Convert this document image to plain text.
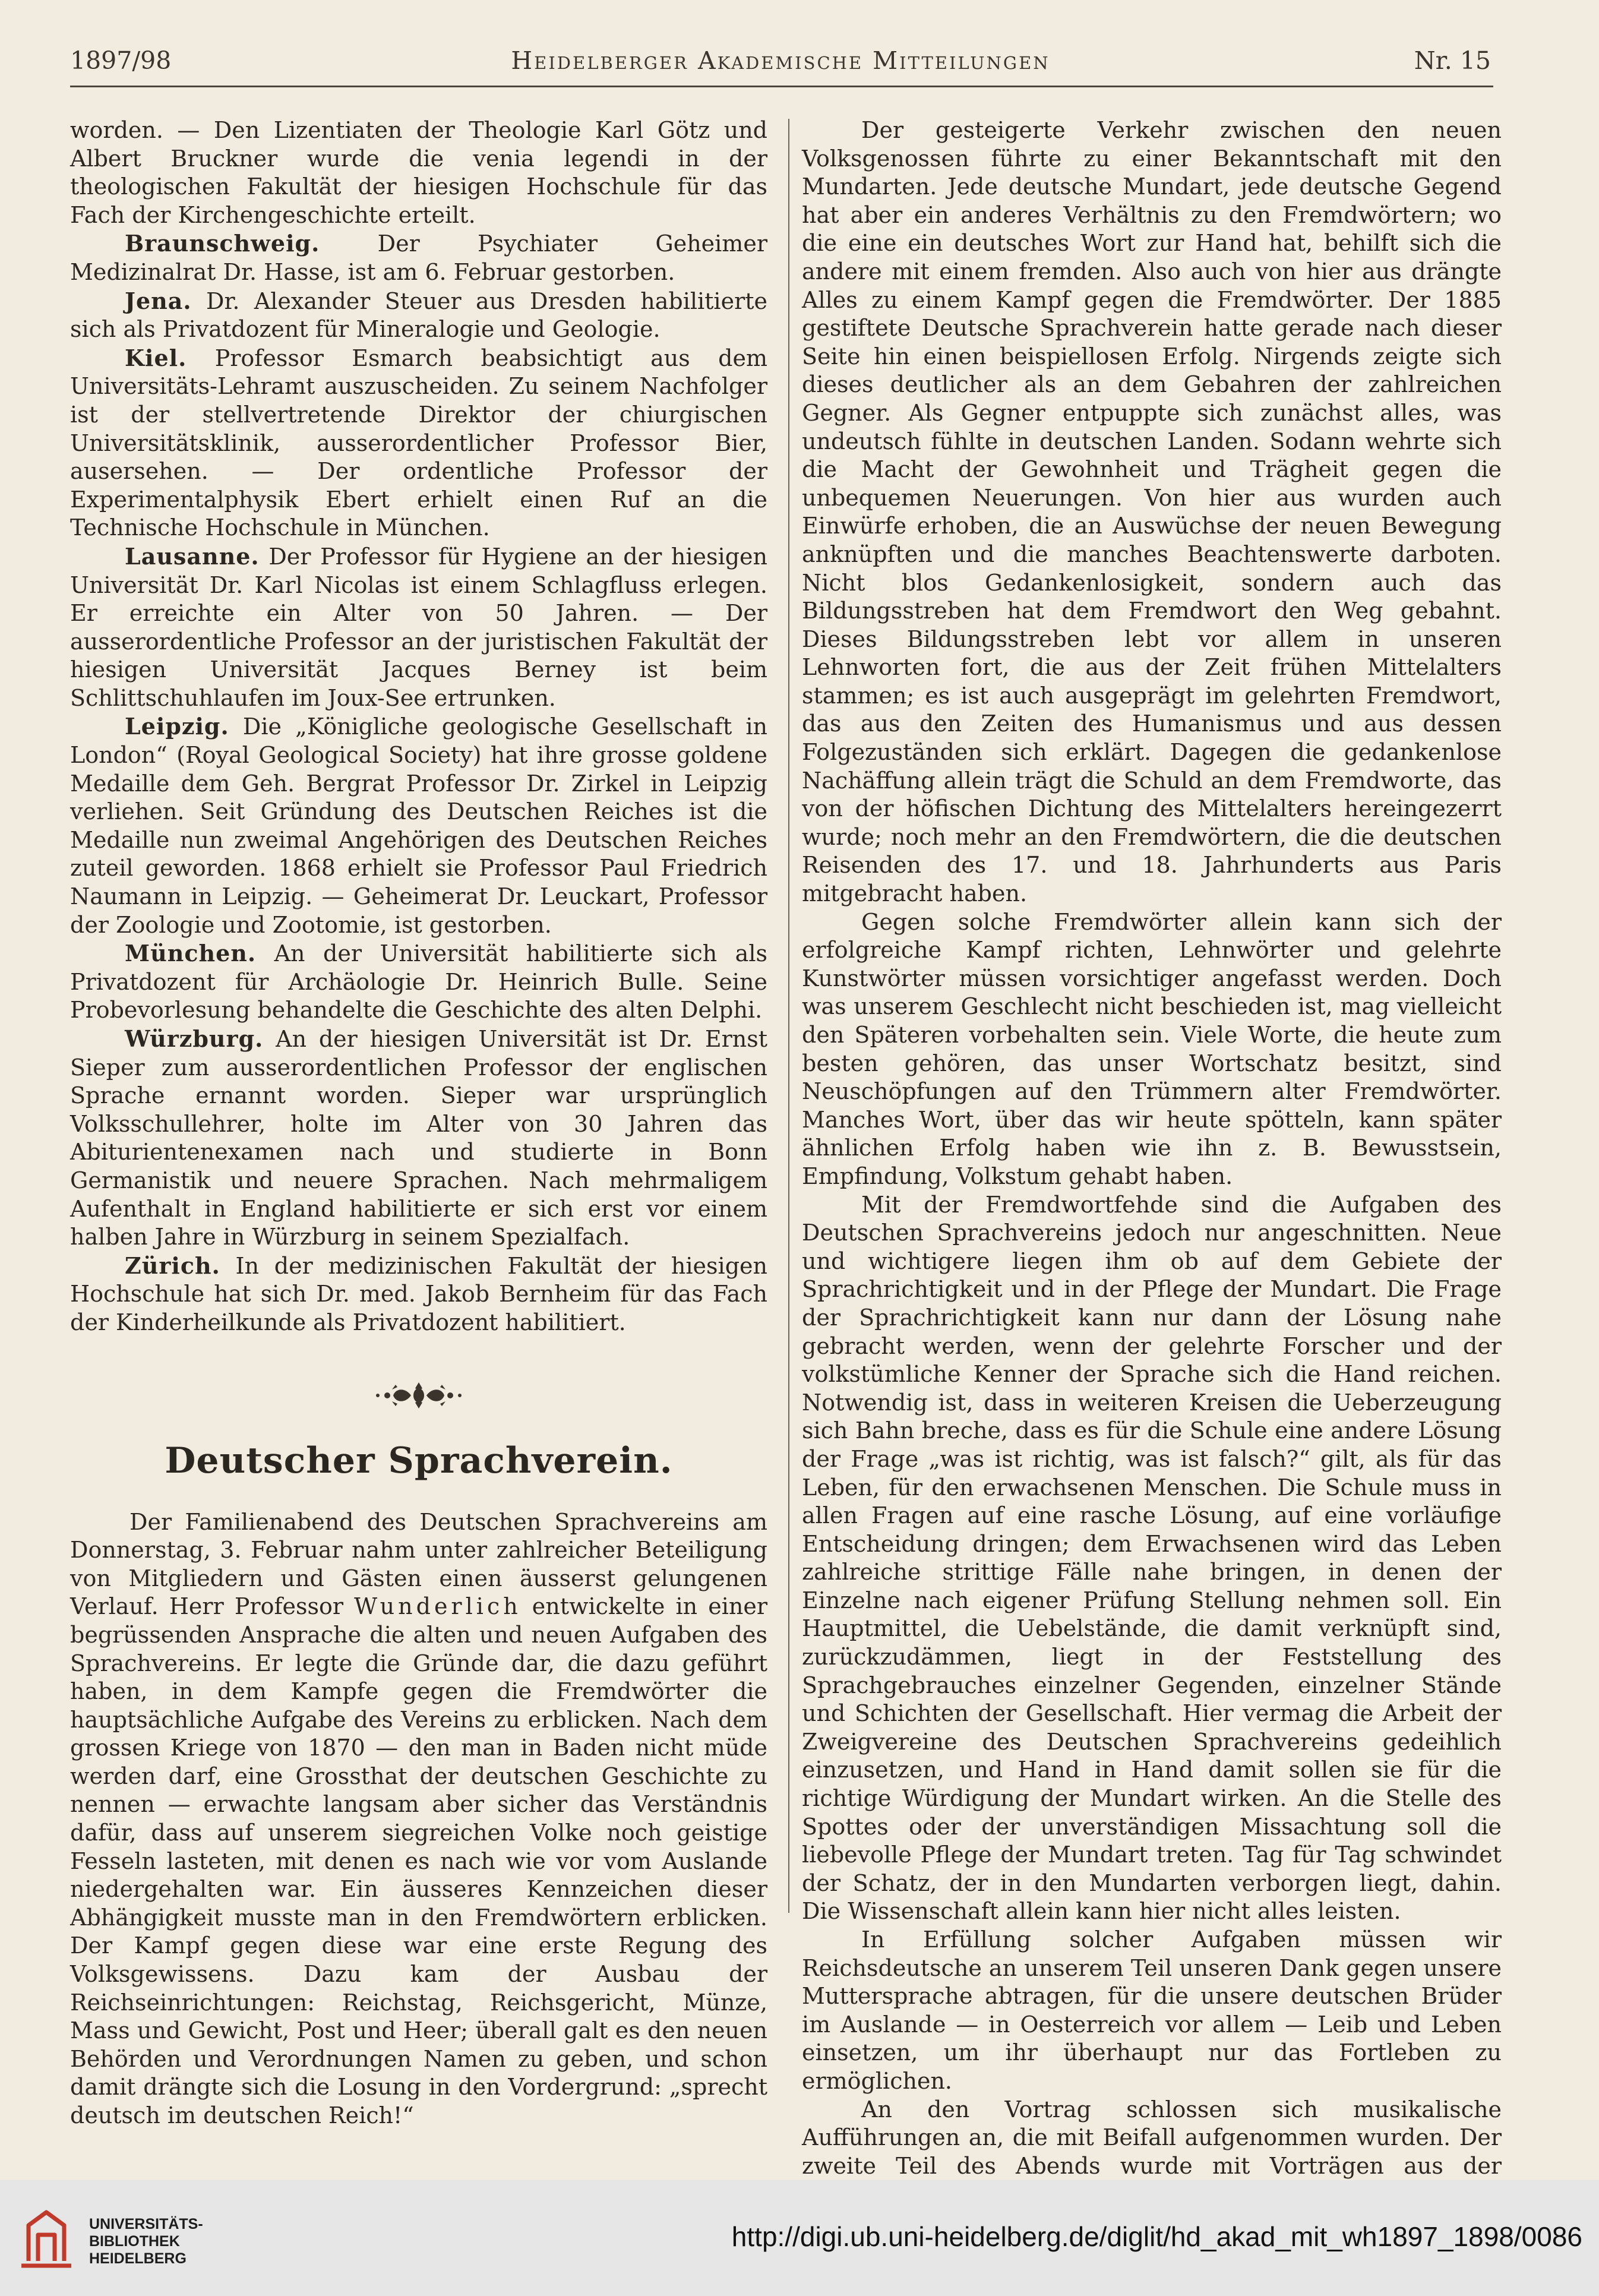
1897/98	Heidelberger Akademische Mitteilungen	Nr. 15

worden. — Den Lizentiaten der Theologie Karl Götz und Albert Bruckner wurde die venia legendi in der theologischen Fakultät der hiesigen Hochschule für das Fach der Kirchengeschichte erteilt.

Braunschweig. Der Psychiater Geheimer Medizinalrat Dr. Hasse, ist am 6. Februar gestorben.

Jena. Dr. Alexander Steuer aus Dresden habilitierte sich als Privatdozent für Mineralogie und Geologie.

Kiel. Professor Esmarch beabsichtigt aus dem Universitäts-Lehramt auszuscheiden. Zu seinem Nachfolger ist der stellvertretende Direktor der chiurgischen Universitätsklinik, ausserordentlicher Professor Bier, ausersehen. — Der ordentliche Professor der Experimentalphysik Ebert erhielt einen Ruf an die Technische Hochschule in München.

Lausanne. Der Professor für Hygiene an der hiesigen Universität Dr. Karl Nicolas ist einem Schlagfluss erlegen. Er erreichte ein Alter von 50 Jahren. — Der ausserordentliche Professor an der juristischen Fakultät der hiesigen Universität Jacques Berney ist beim Schlittschuhlaufen im Joux-See ertrunken.

Leipzig. Die „Königliche geologische Gesellschaft in London“ (Royal Geological Society) hat ihre grosse goldene Medaille dem Geh. Bergrat Professor Dr. Zirkel in Leipzig verliehen. Seit Gründung des Deutschen Reiches ist die Medaille nun zweimal Angehörigen des Deutschen Reiches zuteil geworden. 1868 erhielt sie Professor Paul Friedrich Naumann in Leipzig. — Geheimerat Dr. Leuckart, Professor der Zoologie und Zootomie, ist gestorben.

München. An der Universität habilitierte sich als Privatdozent für Archäologie Dr. Heinrich Bulle. Seine Probevorlesung behandelte die Geschichte des alten Delphi.

Würzburg. An der hiesigen Universität ist Dr. Ernst Sieper zum ausserordentlichen Professor der englischen Sprache ernannt worden. Sieper war ursprünglich Volksschullehrer, holte im Alter von 30 Jahren das Abiturientenexamen nach und studierte in Bonn Germanistik und neuere Sprachen. Nach mehrmaligem Aufenthalt in England habilitierte er sich erst vor einem halben Jahre in Würzburg in seinem Spezialfach.

Zürich. In der medizinischen Fakultät der hiesigen Hochschule hat sich Dr. med. Jakob Bernheim für das Fach der Kinderheilkunde als Privatdozent habilitiert.

Deutscher Sprachverein.

Der Familienabend des Deutschen Sprachvereins am Donnerstag, 3. Februar nahm unter zahlreicher Beteiligung von Mitgliedern und Gästen einen äusserst gelungenen Verlauf. Herr Professor Wunderlich entwickelte in einer begrüssenden Ansprache die alten und neuen Aufgaben des Sprachvereins. Er legte die Gründe dar, die dazu geführt haben, in dem Kampfe gegen die Fremdwörter die hauptsächliche Aufgabe des Vereins zu erblicken. Nach dem grossen Kriege von 1870 — den man in Baden nicht müde werden darf, eine Grossthat der deutschen Geschichte zu nennen — erwachte langsam aber sicher das Verständnis dafür, dass auf unserem siegreichen Volke noch geistige Fesseln lasteten, mit denen es nach wie vor vom Auslande niedergehalten war. Ein äusseres Kennzeichen dieser Abhängigkeit musste man in den Fremdwörtern erblicken. Der Kampf gegen diese war eine erste Regung des Volksgewissens. Dazu kam der Ausbau der Reichseinrichtungen: Reichstag, Reichsgericht, Münze, Mass und Gewicht, Post und Heer; überall galt es den neuen Behörden und Verordnungen Namen zu geben, und schon damit drängte sich die Losung in den Vordergrund: „sprecht deutsch im deutschen Reich!“

Der gesteigerte Verkehr zwischen den neuen Volksgenossen führte zu einer Bekanntschaft mit den Mundarten. Jede deutsche Mundart, jede deutsche Gegend hat aber ein anderes Verhältnis zu den Fremdwörtern; wo die eine ein deutsches Wort zur Hand hat, behilft sich die andere mit einem fremden. Also auch von hier aus drängte Alles zu einem Kampf gegen die Fremdwörter. Der 1885 gestiftete Deutsche Sprachverein hatte gerade nach dieser Seite hin einen beispiellosen Erfolg. Nirgends zeigte sich dieses deutlicher als an dem Gebahren der zahlreichen Gegner. Als Gegner entpuppte sich zunächst alles, was undeutsch fühlte in deutschen Landen. Sodann wehrte sich die Macht der Gewohnheit und Trägheit gegen die unbequemen Neuerungen. Von hier aus wurden auch Einwürfe erhoben, die an Auswüchse der neuen Bewegung anknüpften und die manches Beachtenswerte darboten. Nicht blos Gedankenlosigkeit, sondern auch das Bildungsstreben hat dem Fremdwort den Weg gebahnt. Dieses Bildungsstreben lebt vor allem in unseren Lehnworten fort, die aus der Zeit frühen Mittelalters stammen; es ist auch ausgeprägt im gelehrten Fremdwort, das aus den Zeiten des Humanismus und aus dessen Folgezuständen sich erklärt. Dagegen die gedankenlose Nachäffung allein trägt die Schuld an dem Fremdworte, das von der höfischen Dichtung des Mittelalters hereingezerrt wurde; noch mehr an den Fremdwörtern, die die deutschen Reisenden des 17. und 18. Jahrhunderts aus Paris mitgebracht haben.

Gegen solche Fremdwörter allein kann sich der erfolgreiche Kampf richten, Lehnwörter und gelehrte Kunstwörter müssen vorsichtiger angefasst werden. Doch was unserem Geschlecht nicht beschieden ist, mag vielleicht den Späteren vorbehalten sein. Viele Worte, die heute zum besten gehören, das unser Wortschatz besitzt, sind Neuschöpfungen auf den Trümmern alter Fremdwörter. Manches Wort, über das wir heute spötteln, kann später ähnlichen Erfolg haben wie ihn z. B. Bewusstsein, Empfindung, Volkstum gehabt haben.

Mit der Fremdwortfehde sind die Aufgaben des Deutschen Sprachvereins jedoch nur angeschnitten. Neue und wichtigere liegen ihm ob auf dem Gebiete der Sprachrichtigkeit und in der Pflege der Mundart. Die Frage der Sprachrichtigkeit kann nur dann der Lösung nahe gebracht werden, wenn der gelehrte Forscher und der volkstümliche Kenner der Sprache sich die Hand reichen. Notwendig ist, dass in weiteren Kreisen die Ueberzeugung sich Bahn breche, dass es für die Schule eine andere Lösung der Frage „was ist richtig, was ist falsch?“ gilt, als für das Leben, für den erwachsenen Menschen. Die Schule muss in allen Fragen auf eine rasche Lösung, auf eine vorläufige Entscheidung dringen; dem Erwachsenen wird das Leben zahlreiche strittige Fälle nahe bringen, in denen der Einzelne nach eigener Prüfung Stellung nehmen soll. Ein Hauptmittel, die Uebelstände, die damit verknüpft sind, zurückzudämmen, liegt in der Feststellung des Sprachgebrauches einzelner Gegenden, einzelner Stände und Schichten der Gesellschaft. Hier vermag die Arbeit der Zweigvereine des Deutschen Sprachvereins gedeihlich einzusetzen, und Hand in Hand damit sollen sie für die richtige Würdigung der Mundart wirken. An die Stelle des Spottes oder der unverständigen Missachtung soll die liebevolle Pflege der Mundart treten. Tag für Tag schwindet der Schatz, der in den Mundarten verborgen liegt, dahin. Die Wissenschaft allein kann hier nicht alles leisten.

In Erfüllung solcher Aufgaben müssen wir Reichsdeutsche an unserem Teil unseren Dank gegen unsere Muttersprache abtragen, für die unsere deutschen Brüder im Auslande — in Oesterreich vor allem — Leib und Leben einsetzen, um ihr überhaupt nur das Fortleben zu ermöglichen.

An den Vortrag schlossen sich musikalische Aufführungen an, die mit Beifall aufgenommen wurden. Der zweite Teil des Abends wurde mit Vorträgen aus der

UNIVERSITÄTS-
BIBLIOTHEK
HEIDELBERG
http://digi.ub.uni-heidelberg.de/diglit/hd_akad_mit_wh1897_1898/0086
